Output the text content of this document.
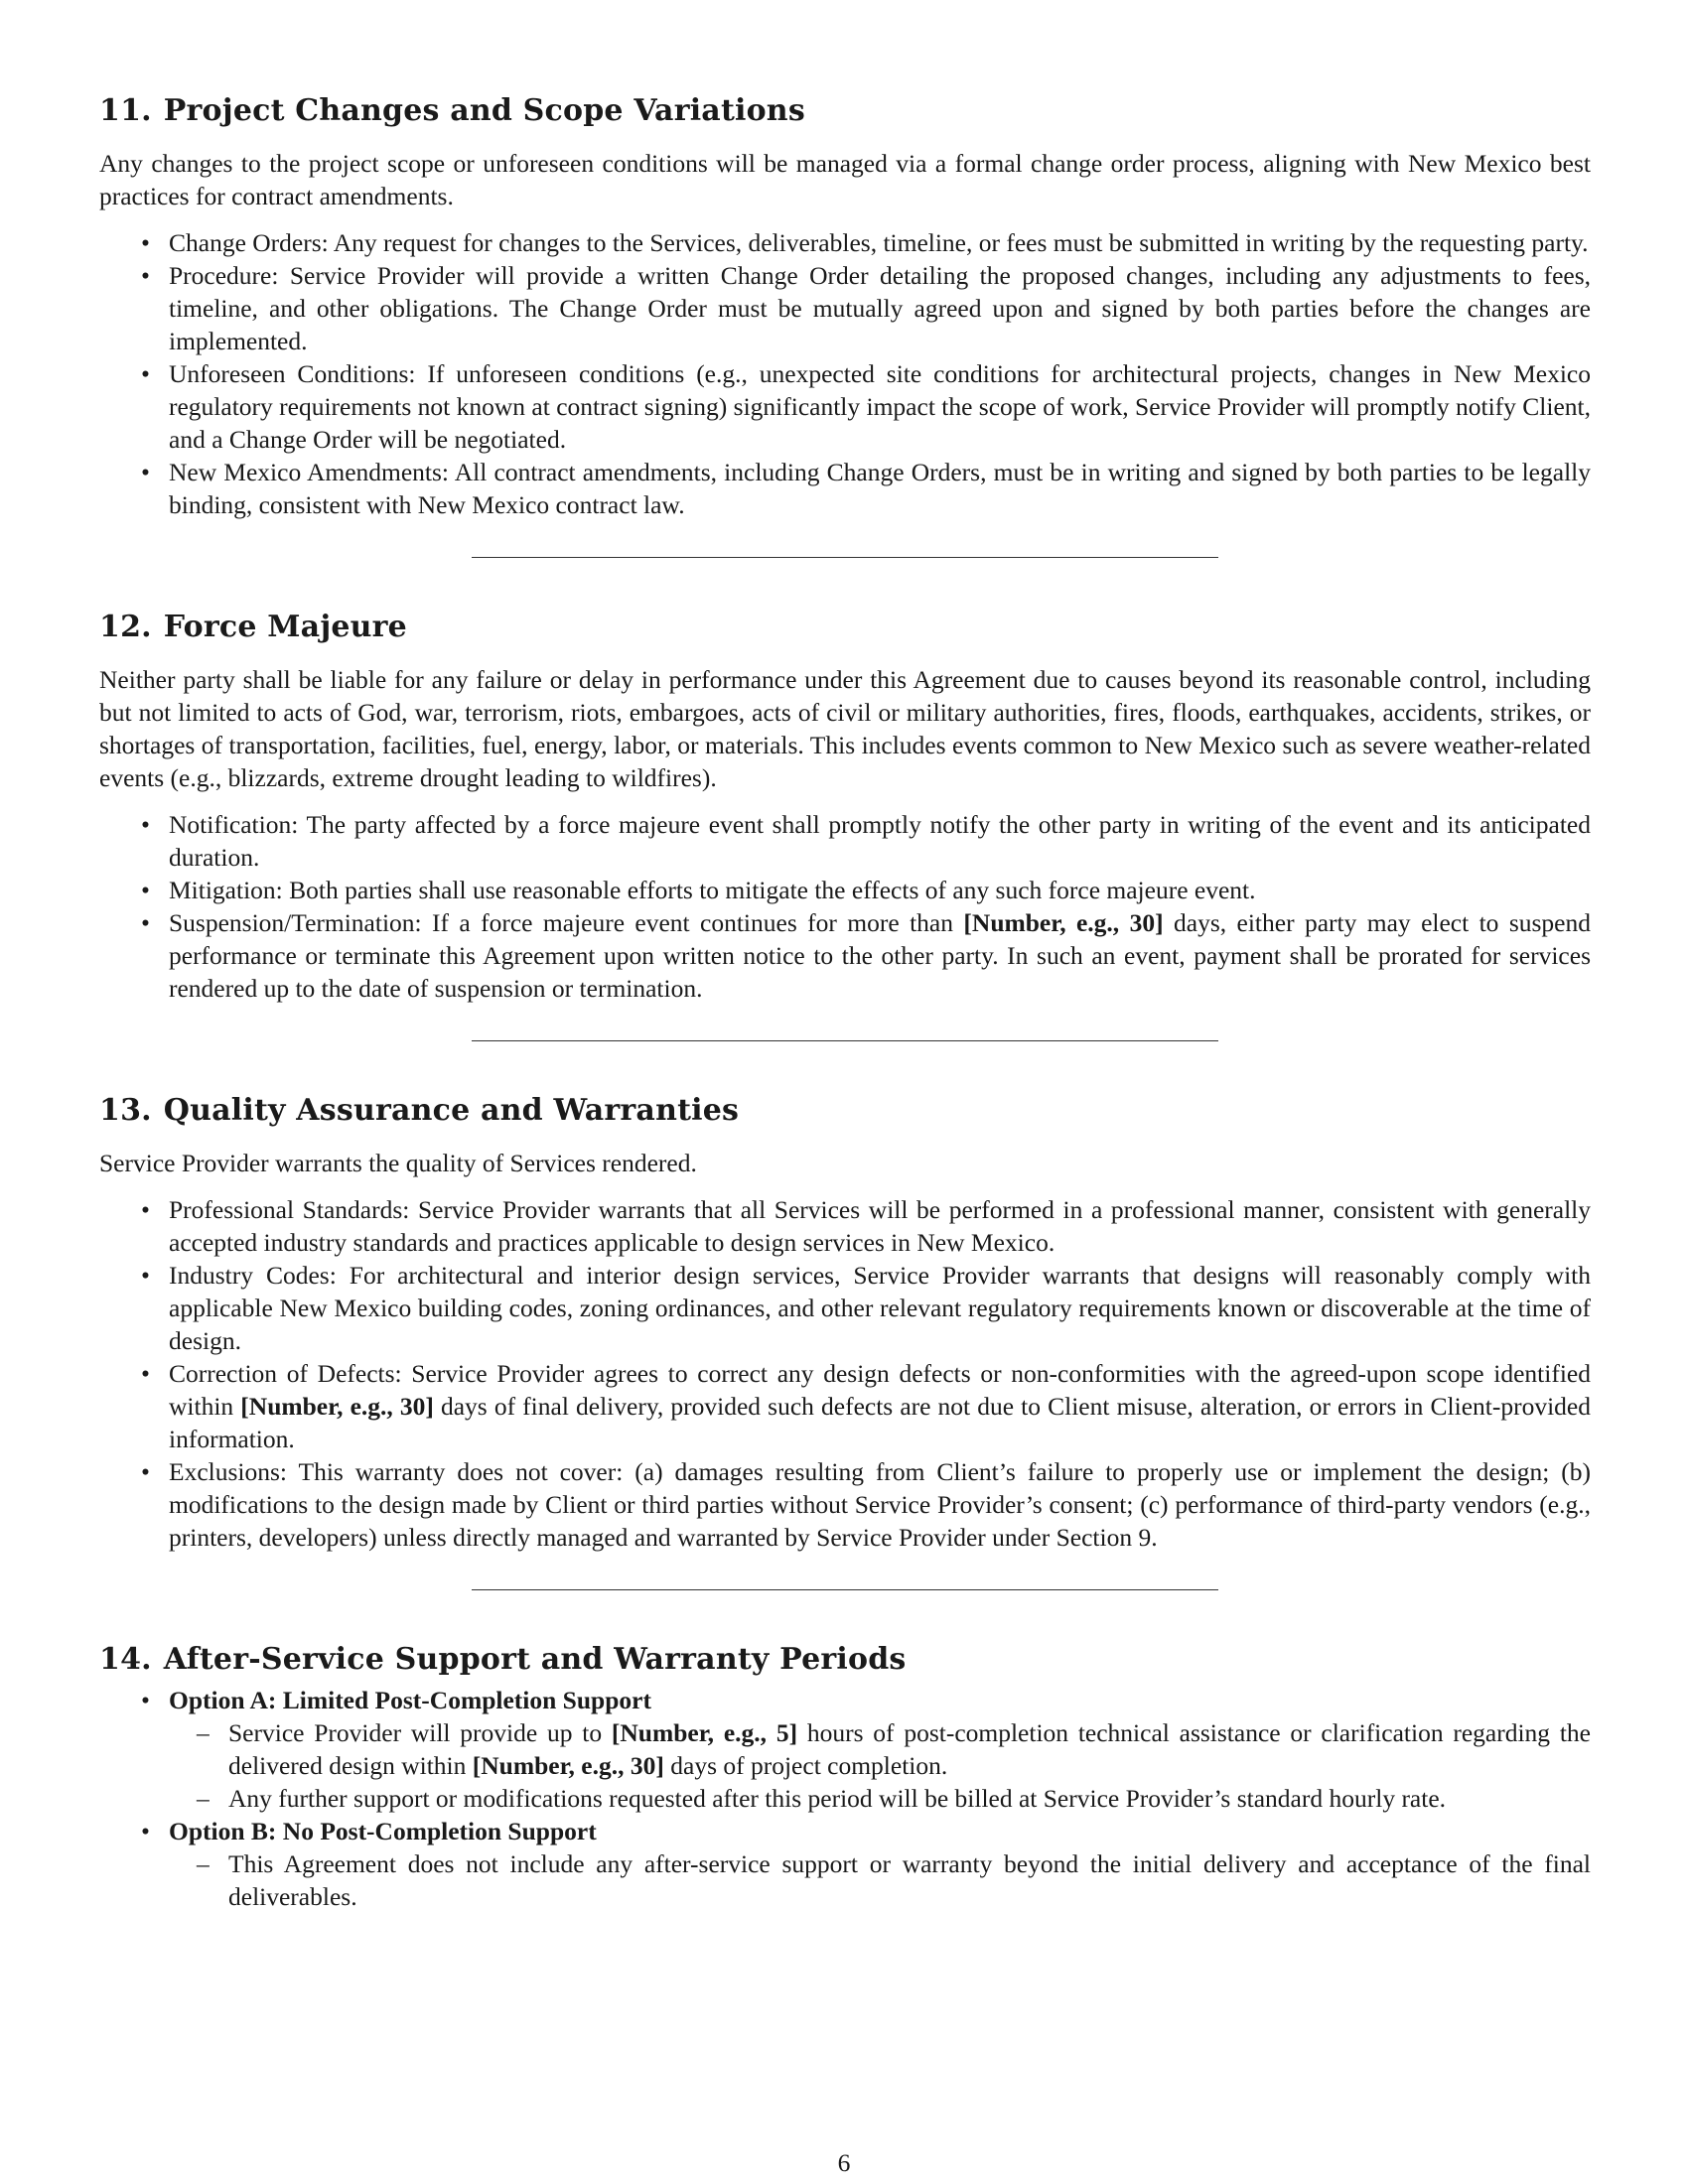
11. Project Changes and Scope Variations

Any changes to the project scope or unforeseen conditions will be managed via a formal change order process, aligning with New Mexico best practices for contract amendments.

• Change Orders: Any request for changes to the Services, deliverables, timeline, or fees must be submitted in writing by the requesting party.
• Procedure: Service Provider will provide a written Change Order detailing the proposed changes, including any adjustments to fees, timeline, and other obligations. The Change Order must be mutually agreed upon and signed by both parties before the changes are implemented.
• Unforeseen Conditions: If unforeseen conditions (e.g., unexpected site conditions for architectural projects, changes in New Mexico regulatory requirements not known at contract signing) significantly impact the scope of work, Service Provider will promptly notify Client, and a Change Order will be negotiated.
• New Mexico Amendments: All contract amendments, including Change Orders, must be in writing and signed by both parties to be legally binding, consistent with New Mexico contract law.
12. Force Majeure

Neither party shall be liable for any failure or delay in performance under this Agreement due to causes beyond its reasonable control, including but not limited to acts of God, war, terrorism, riots, embargoes, acts of civil or military authorities, fires, floods, earthquakes, accidents, strikes, or shortages of transportation, facilities, fuel, energy, labor, or materials. This includes events common to New Mexico such as severe weather-related events (e.g., blizzards, extreme drought leading to wildfires).

• Notification: The party affected by a force majeure event shall promptly notify the other party in writing of the event and its anticipated duration.
• Mitigation: Both parties shall use reasonable efforts to mitigate the effects of any such force majeure event.
• Suspension/Termination: If a force majeure event continues for more than [Number, e.g., 30] days, either party may elect to suspend performance or terminate this Agreement upon written notice to the other party. In such an event, payment shall be prorated for services rendered up to the date of suspension or termination.
13. Quality Assurance and Warranties

Service Provider warrants the quality of Services rendered.

• Professional Standards: Service Provider warrants that all Services will be performed in a professional manner, consistent with generally accepted industry standards and practices applicable to design services in New Mexico.
• Industry Codes: For architectural and interior design services, Service Provider warrants that designs will reasonably comply with applicable New Mexico building codes, zoning ordinances, and other relevant regulatory requirements known or discoverable at the time of design.
• Correction of Defects: Service Provider agrees to correct any design defects or non-conformities with the agreed-upon scope identified within [Number, e.g., 30] days of final delivery, provided such defects are not due to Client misuse, alteration, or errors in Client-provided information.
• Exclusions: This warranty does not cover: (a) damages resulting from Client’s failure to properly use or implement the design; (b) modifications to the design made by Client or third parties without Service Provider’s consent; (c) performance of third-party vendors (e.g., printers, developers) unless directly managed and warranted by Service Provider under Section 9.
14. After-Service Support and Warranty Periods
• Option A: Limited Post-Completion Support
– Service Provider will provide up to [Number, e.g., 5] hours of post-completion technical assistance or clarification regarding the delivered design within [Number, e.g., 30] days of project completion.
– Any further support or modifications requested after this period will be billed at Service Provider’s standard hourly rate.
• Option B: No Post-Completion Support
– This Agreement does not include any after-service support or warranty beyond the initial delivery and acceptance of the final deliverables.
6
